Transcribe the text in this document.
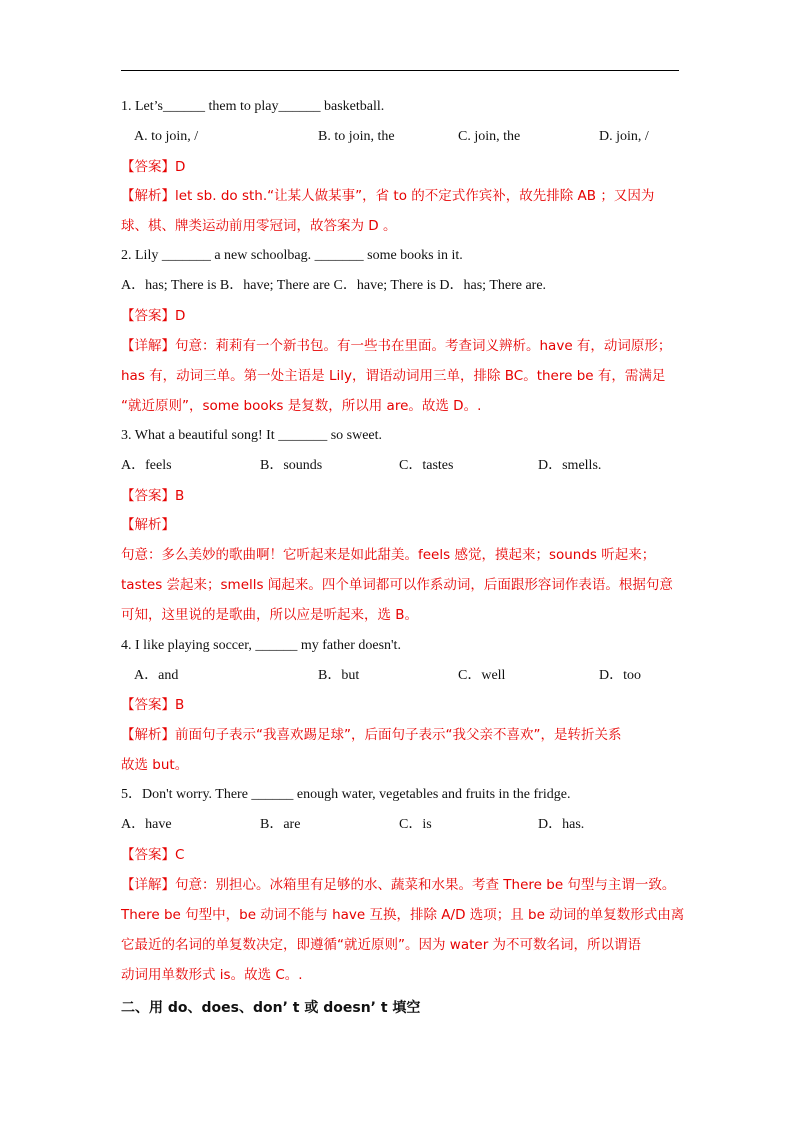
1. Let’s______ them to play______ basketball.
A. to join, /	B. to join, the	C. join, the	D. join, /
【答案】D
【解析】let sb. do sth.“让某人做某事”，省 to 的不定式作宾补，故先排除 AB ；又因为
球、棋、牌类运动前用零冠词，故答案为 D 。
2. Lily _______ a new schoolbag. _______ some books in it.
A．has; There is B．have; There are C．have; There is D．has; There are.
【答案】D
【详解】句意：莉莉有一个新书包。有一些书在里面。考查词义辨析。have 有，动词原形；
has 有，动词三单。第一处主语是 Lily，谓语动词用三单，排除 BC。there be 有，需满足
“就近原则”，some books 是复数，所以用 are。故选 D。.
3. What a beautiful song! It _______ so sweet.
A．feels	B．sounds	C．tastes	D．smells.
【答案】B
【解析】
句意：多么美妙的歌曲啊！它听起来是如此甜美。feels 感觉，摸起来；sounds 听起来；
tastes 尝起来；smells 闻起来。四个单词都可以作系动词，后面跟形容词作表语。根据句意
可知，这里说的是歌曲，所以应是听起来，选 B。
4. I like playing soccer, ______ my father doesn't.
A．and	B．but	C．well	D．too
【答案】B
【解析】前面句子表示“我喜欢踢足球”，后面句子表示“我父亲不喜欢”，是转折关系
故选 but。
5．Don't worry. There ______ enough water, vegetables and fruits in the fridge.
A．have	B．are	C．is	D．has.
【答案】C
【详解】句意：别担心。冰箱里有足够的水、蔬菜和水果。考查 There be 句型与主谓一致。
There be 句型中，be 动词不能与 have 互换，排除 A/D 选项；且 be 动词的单复数形式由离
它最近的名词的单复数决定，即遵循“就近原则”。因为 water 为不可数名词，所以谓语
动词用单数形式 is。故选 C。.
二、用 do、does、don’ t 或 doesn’ t 填空
